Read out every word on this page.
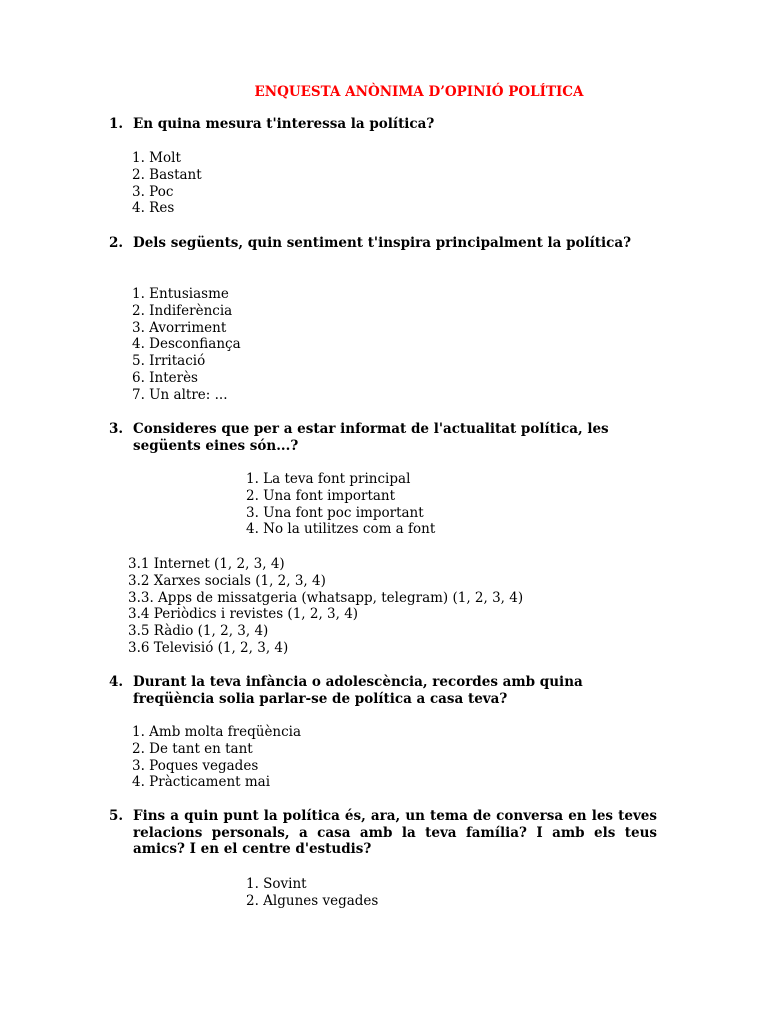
ENQUESTA ANÒNIMA D’OPINIÓ POLÍTICA
1. En quina mesura t'interessa la política?
1. Molt
2. Bastant
3. Poc
4. Res
2. Dels següents, quin sentiment t'inspira principalment la política?
1. Entusiasme
2. Indiferència
3. Avorriment
4. Desconfiança
5. Irritació
6. Interès
7. Un altre: ...
3. Consideres que per a estar informat de l'actualitat política, les següents eines són...?
1. La teva font principal
2. Una font important
3. Una font poc important
4. No la utilitzes com a font
3.1 Internet (1, 2, 3, 4)
3.2 Xarxes socials (1, 2, 3, 4)
3.3. Apps de missatgeria (whatsapp, telegram) (1, 2, 3, 4)
3.4 Periòdics i revistes (1, 2, 3, 4)
3.5 Ràdio (1, 2, 3, 4)
3.6 Televisió (1, 2, 3, 4)
4. Durant la teva infància o adolescència, recordes amb quina freqüència solia parlar-se de política a casa teva?
1. Amb molta freqüència
2. De tant en tant
3. Poques vegades
4. Pràcticament mai
5. Fins a quin punt la política és, ara, un tema de conversa en les teves relacions personals, a casa amb la teva família? I amb els teus amics? I en el centre d'estudis?
1. Sovint
2. Algunes vegades
